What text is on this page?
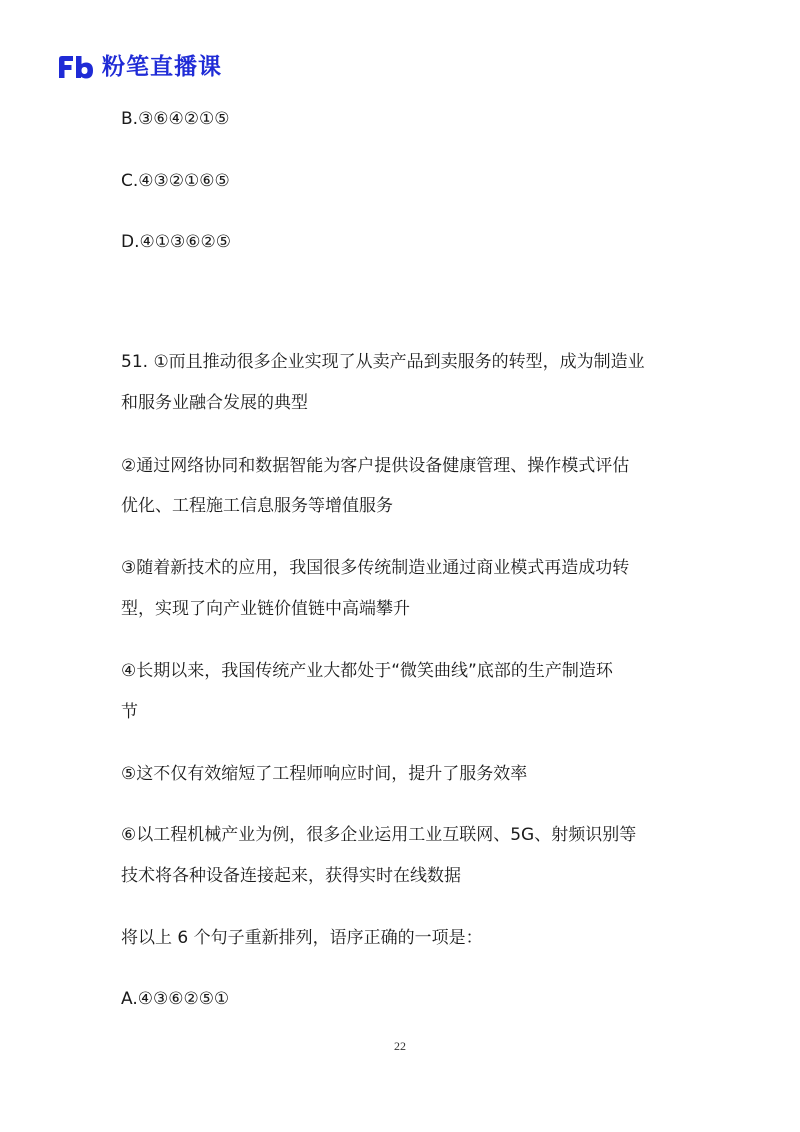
粉笔直播课

B.③⑥④②①⑤

C.④③②①⑥⑤

D.④①③⑥②⑤

51. ①而且推动很多企业实现了从卖产品到卖服务的转型，成为制造业

和服务业融合发展的典型

②通过网络协同和数据智能为客户提供设备健康管理、操作模式评估

优化、工程施工信息服务等增值服务

③随着新技术的应用，我国很多传统制造业通过商业模式再造成功转

型，实现了向产业链价值链中高端攀升

④长期以来，我国传统产业大都处于“微笑曲线”底部的生产制造环

节

⑤这不仅有效缩短了工程师响应时间，提升了服务效率

⑥以工程机械产业为例，很多企业运用工业互联网、5G、射频识别等

技术将各种设备连接起来，获得实时在线数据

将以上 6 个句子重新排列，语序正确的一项是：

A.④③⑥②⑤①

22
